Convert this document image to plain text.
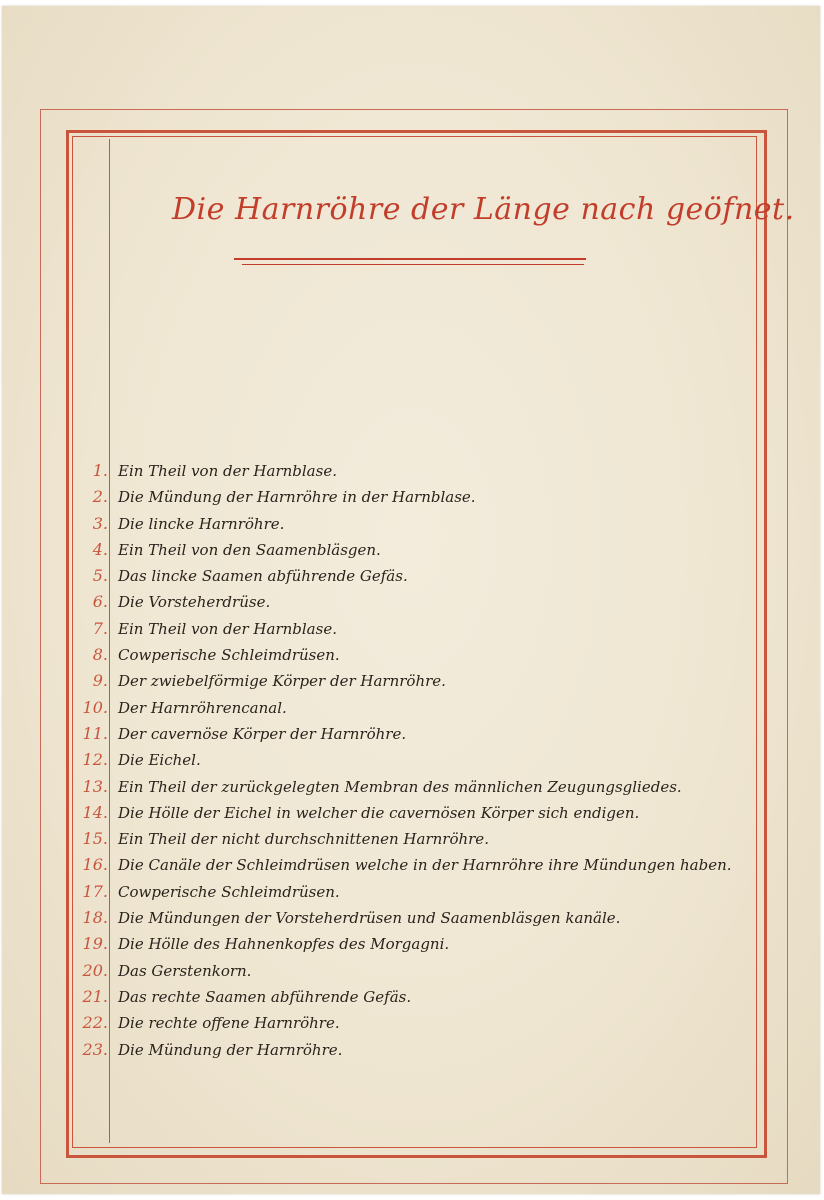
Die Harnröhre der Länge nach geöfnet.
1. Ein Theil von der Harnblase.
2. Die Mündung der Harnröhre in der Harnblase.
3. Die lincke Harnröhre.
4. Ein Theil von den Saamenbläsgen.
5. Das lincke Saamen abführende Gefäs.
6. Die Vorsteherdrüse.
7. Ein Theil von der Harnblase.
8. Cowperische Schleimdrüsen.
9. Der zwiebelförmige Körper der Harnröhre.
10. Der Harnröhrencanal.
11. Der cavernöse Körper der Harnröhre.
12. Die Eichel.
13. Ein Theil der zurückgelegten Membran des männlichen Zeugungsgliedes.
14. Die Hölle der Eichel in welcher die cavernösen Körper sich endigen.
15. Ein Theil der nicht durchschnittenen Harnröhre.
16. Die Canäle der Schleimdrüsen welche in der Harnröhre ihre Mündungen haben.
17. Cowperische Schleimdrüsen.
18. Die Mündungen der Vorsteherdrüsen und Saamenbläsgen kanäle.
19. Die Hölle des Hahnenkopfes des Morgagni.
20. Das Gerstenkorn.
21. Das rechte Saamen abführende Gefäs.
22. Die rechte offene Harnröhre.
23. Die Mündung der Harnröhre.
